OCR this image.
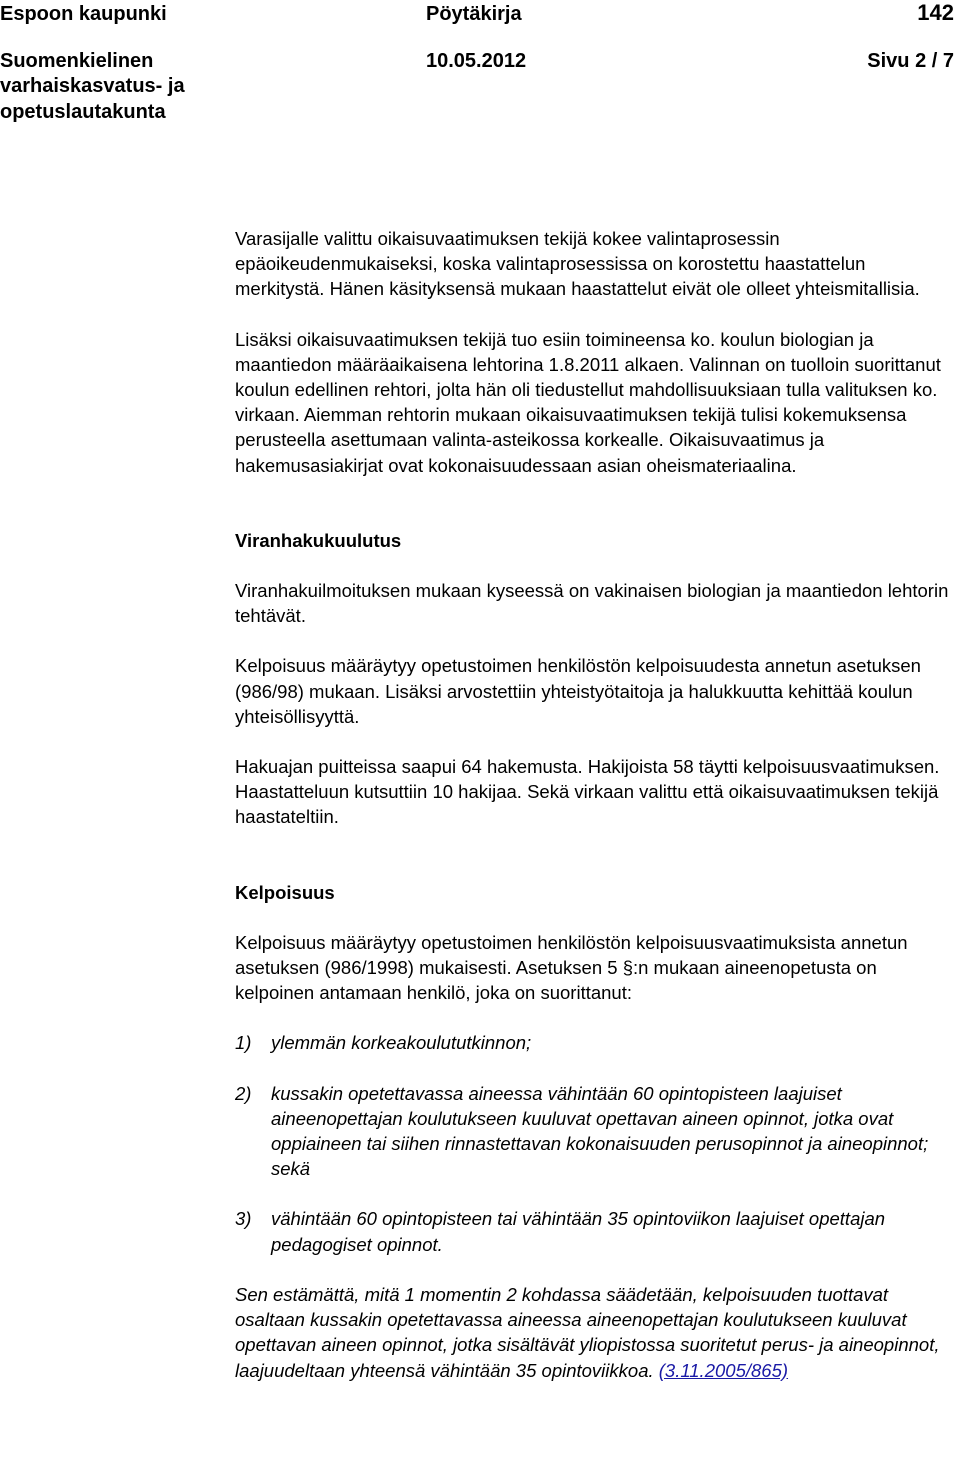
Espoon kaupunki	Pöytäkirja	142
Suomenkielinen
varhaiskasvatus- ja
opetuslautakunta
10.05.2012	Sivu 2 / 7

Varasijalle valittu oikaisuvaatimuksen tekijä kokee valintaprosessin epäoikeudenmukaiseksi, koska valintaprosessissa on korostettu haastattelun merkitystä. Hänen käsityksensä mukaan haastattelut eivät ole olleet yhteismitallisia.

Lisäksi oikaisuvaatimuksen tekijä tuo esiin toimineensa ko. koulun biologian ja maantiedon määräaikaisena lehtorina 1.8.2011 alkaen. Valinnan on tuolloin suorittanut koulun edellinen rehtori, jolta hän oli tiedustellut mahdollisuuksiaan tulla valituksen ko. virkaan. Aiemman rehtorin mukaan oikaisuvaatimuksen tekijä tulisi kokemuksensa perusteella asettumaan valinta-asteikossa korkealle. Oikaisuvaatimus ja hakemusasiakirjat ovat kokonaisuudessaan asian oheismateriaalina.

Viranhakukuulutus

Viranhakuilmoituksen mukaan kyseessä on vakinaisen biologian ja maantiedon lehtorin tehtävät.

Kelpoisuus määräytyy opetustoimen henkilöstön kelpoisuudesta annetun asetuksen (986/98) mukaan. Lisäksi arvostettiin yhteistyötaitoja ja halukkuutta kehittää koulun yhteisöllisyyttä.

Hakuajan puitteissa saapui 64 hakemusta. Hakijoista 58 täytti kelpoisuusvaatimuksen. Haastatteluun kutsuttiin 10 hakijaa. Sekä virkaan valittu että oikaisuvaatimuksen tekijä haastateltiin.

Kelpoisuus

Kelpoisuus määräytyy opetustoimen henkilöstön kelpoisuusvaatimuksista annetun asetuksen (986/1998) mukaisesti. Asetuksen 5 §:n mukaan aineenopetusta on kelpoinen antamaan henkilö, joka on suorittanut:

1) ylemmän korkeakoulututkinnon;
2) kussakin opetettavassa aineessa vähintään 60 opintopisteen laajuiset aineenopettajan koulutukseen kuuluvat opettavan aineen opinnot, jotka ovat oppiaineen tai siihen rinnastettavan kokonaisuuden perusopinnot ja aineopinnot; sekä
3) vähintään 60 opintopisteen tai vähintään 35 opintoviikon laajuiset opettajan pedagogiset opinnot.

Sen estämättä, mitä 1 momentin 2 kohdassa säädetään, kelpoisuuden tuottavat osaltaan kussakin opetettavassa aineessa aineenopettajan koulutukseen kuuluvat opettavan aineen opinnot, jotka sisältävät yliopistossa suoritetut perus- ja aineopinnot, laajuudeltaan yhteensä vähintään 35 opintoviikkoa. (3.11.2005/865)
